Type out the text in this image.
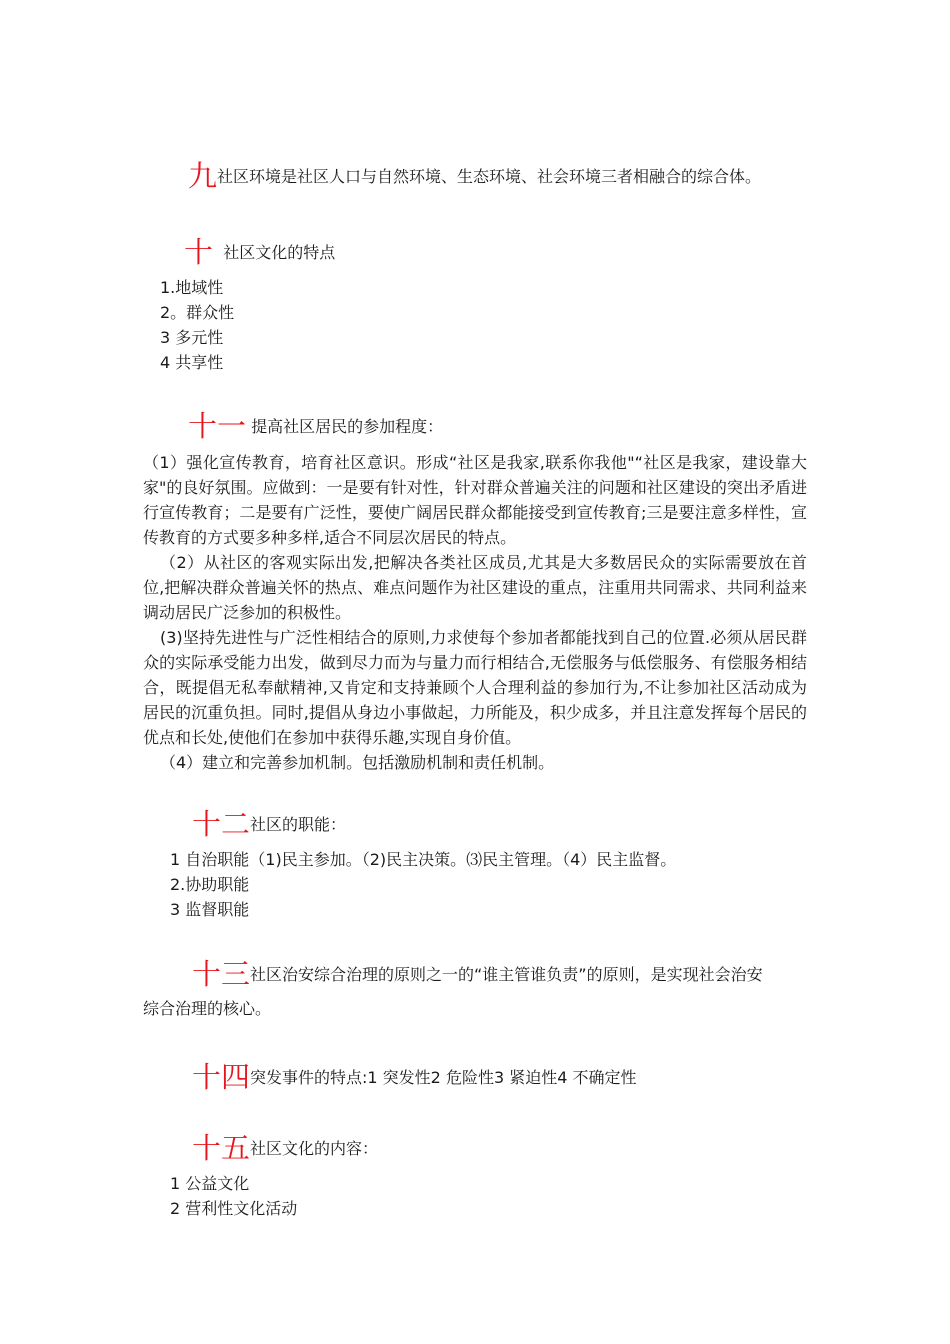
九社区环境是社区人口与自然环境、生态环境、社会环境三者相融合的综合体。
十 社区文化的特点
1.地域性
2。群众性
3 多元性
4 共享性
十一 提高社区居民的参加程度：

（1）强化宣传教育，培育社区意识。形成“社区是我家,联系你我他"“社区是我家，建设靠大家"的良好氛围。应做到：一是要有针对性，针对群众普遍关注的问题和社区建设的突出矛盾进行宣传教育；二是要有广泛性，要使广阔居民群众都能接受到宣传教育;三是要注意多样性，宣传教育的方式要多种多样,适合不同层次居民的特点。

（2）从社区的客观实际出发,把解决各类社区成员,尤其是大多数居民众的实际需要放在首位,把解决群众普遍关怀的热点、难点问题作为社区建设的重点，注重用共同需求、共同利益来调动居民广泛参加的积极性。

(3)坚持先进性与广泛性相结合的原则,力求使每个参加者都能找到自己的位置.必须从居民群众的实际承受能力出发，做到尽力而为与量力而行相结合,无偿服务与低偿服务、有偿服务相结合，既提倡无私奉献精神,又肯定和支持兼顾个人合理利益的参加行为,不让参加社区活动成为居民的沉重负担。同时,提倡从身边小事做起，力所能及，积少成多，并且注意发挥每个居民的优点和长处,使他们在参加中获得乐趣,实现自身价值。

（4）建立和完善参加机制。包括激励机制和责任机制。

十二社区的职能：
1 自治职能（1)民主参加。（2)民主决策。⑶民主管理。（4）民主监督。
2.协助职能
3 监督职能
十三社区治安综合治理的原则之一的“谁主管谁负责”的原则，是实现社会治安
综合治理的核心。
十四突发事件的特点:1 突发性2 危险性3 紧迫性4 不确定性
十五社区文化的内容：
1 公益文化
2 营利性文化活动
